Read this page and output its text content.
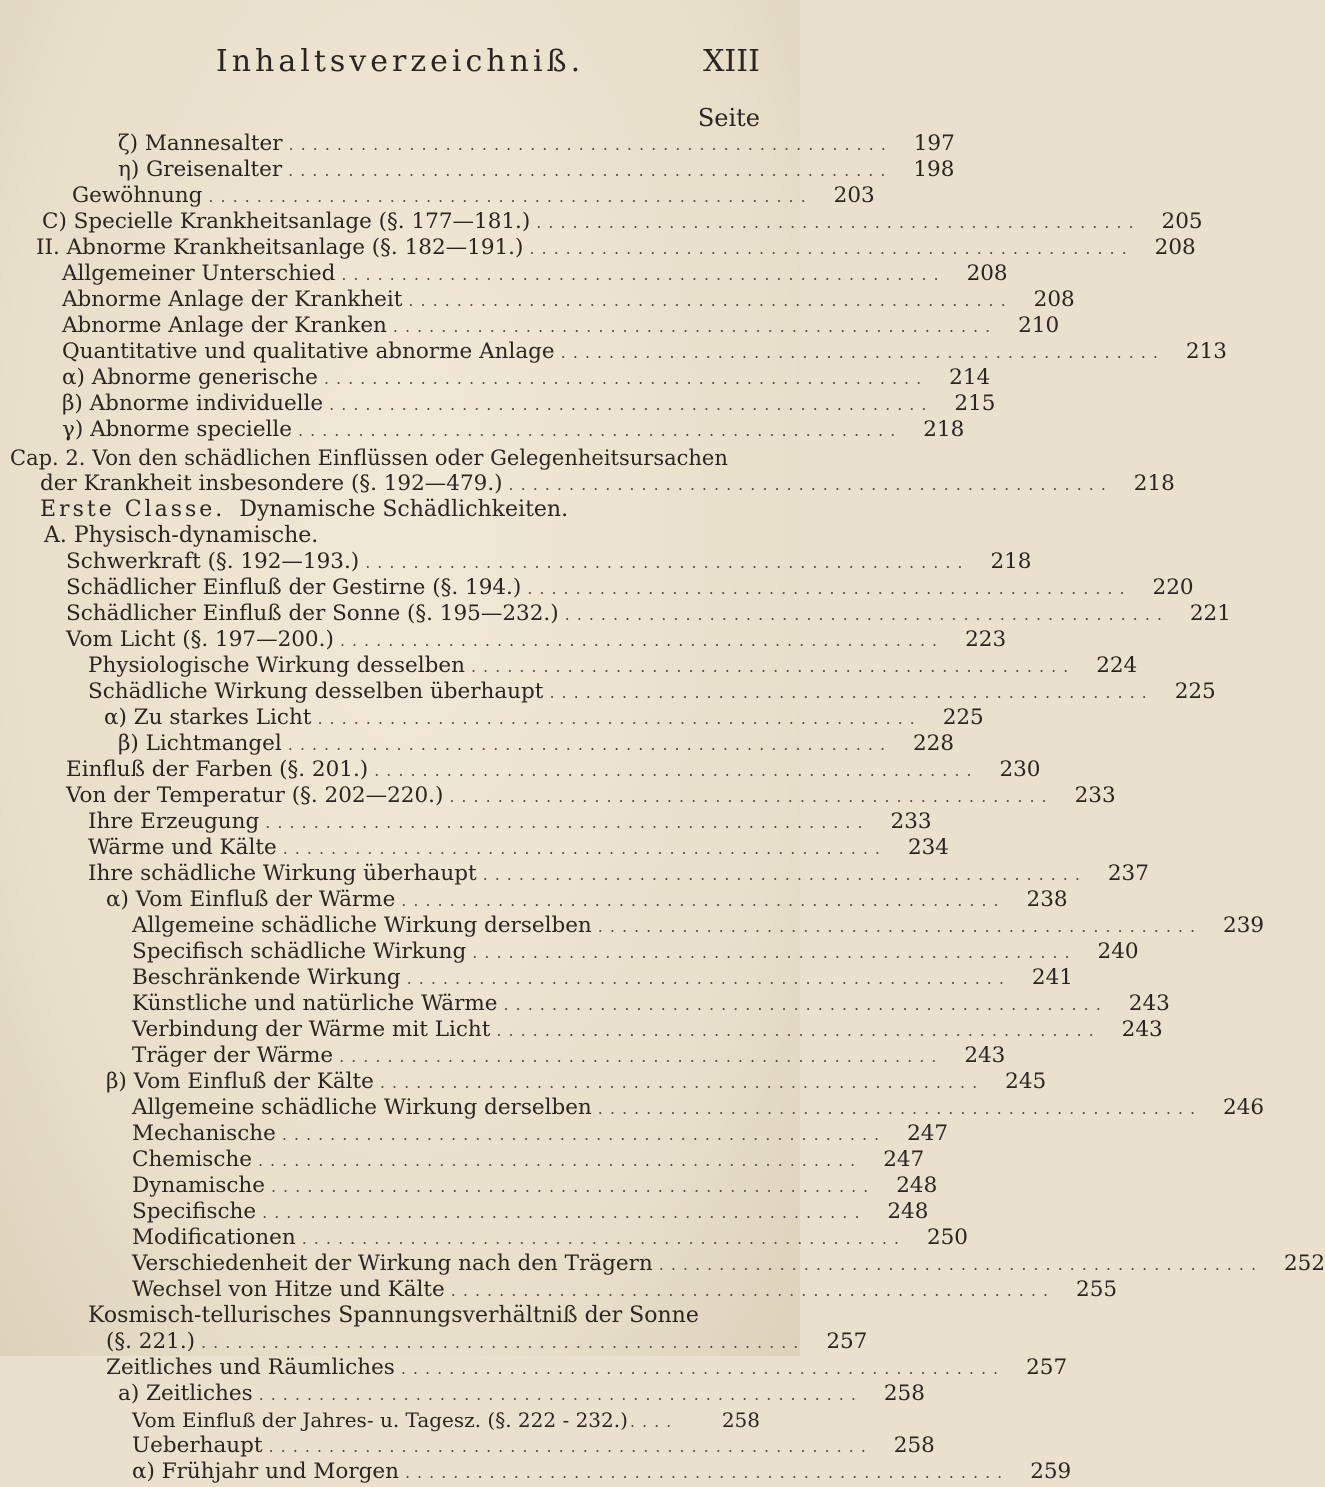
Inhaltsverzeichniß.	XIII
Seite
ζ) Mannesalter .................................................. 197
η) Greisenalter .................................................. 198
Gewöhnung .................................................. 203
C) Specielle Krankheitsanlage (§. 177—181.) .................................................. 205
II. Abnorme Krankheitsanlage (§. 182—191.) .................................................. 208
Allgemeiner Unterschied .................................................. 208
Abnorme Anlage der Krankheit .................................................. 208
Abnorme Anlage der Kranken .................................................. 210
Quantitative und qualitative abnorme Anlage .................................................. 213
α) Abnorme generische .................................................. 214
β) Abnorme individuelle .................................................. 215
γ) Abnorme specielle .................................................. 218
Cap. 2. Von den schädlichen Einflüssen oder Gelegenheitsursachen
der Krankheit insbesondere (§. 192—479.) .................................................. 218
Erste Classe. Dynamische Schädlichkeiten.
A. Physisch-dynamische.
Schwerkraft (§. 192—193.) .................................................. 218
Schädlicher Einfluß der Gestirne (§. 194.) .................................................. 220
Schädlicher Einfluß der Sonne (§. 195—232.) .................................................. 221
Vom Licht (§. 197—200.) .................................................. 223
Physiologische Wirkung desselben .................................................. 224
Schädliche Wirkung desselben überhaupt .................................................. 225
α) Zu starkes Licht .................................................. 225
β) Lichtmangel .................................................. 228
Einfluß der Farben (§. 201.) .................................................. 230
Von der Temperatur (§. 202—220.) .................................................. 233
Ihre Erzeugung .................................................. 233
Wärme und Kälte .................................................. 234
Ihre schädliche Wirkung überhaupt .................................................. 237
α) Vom Einfluß der Wärme .................................................. 238
Allgemeine schädliche Wirkung derselben .................................................. 239
Specifisch schädliche Wirkung .................................................. 240
Beschränkende Wirkung .................................................. 241
Künstliche und natürliche Wärme .................................................. 243
Verbindung der Wärme mit Licht .................................................. 243
Träger der Wärme .................................................. 243
β) Vom Einfluß der Kälte .................................................. 245
Allgemeine schädliche Wirkung derselben .................................................. 246
Mechanische .................................................. 247
Chemische .................................................. 247
Dynamische .................................................. 248
Specifische .................................................. 248
Modificationen .................................................. 250
Verschiedenheit der Wirkung nach den Trägern .................................................. 252
Wechsel von Hitze und Kälte .................................................. 255
Kosmisch-tellurisches Spannungsverhältniß der Sonne
(§. 221.) .................................................. 257
Zeitliches und Räumliches .................................................. 257
a) Zeitliches .................................................. 258
Vom Einfluß der Jahres- u. Tagesz. (§. 222 - 232.) ....	258
Ueberhaupt .................................................. 258
α) Frühjahr und Morgen .................................................. 259
